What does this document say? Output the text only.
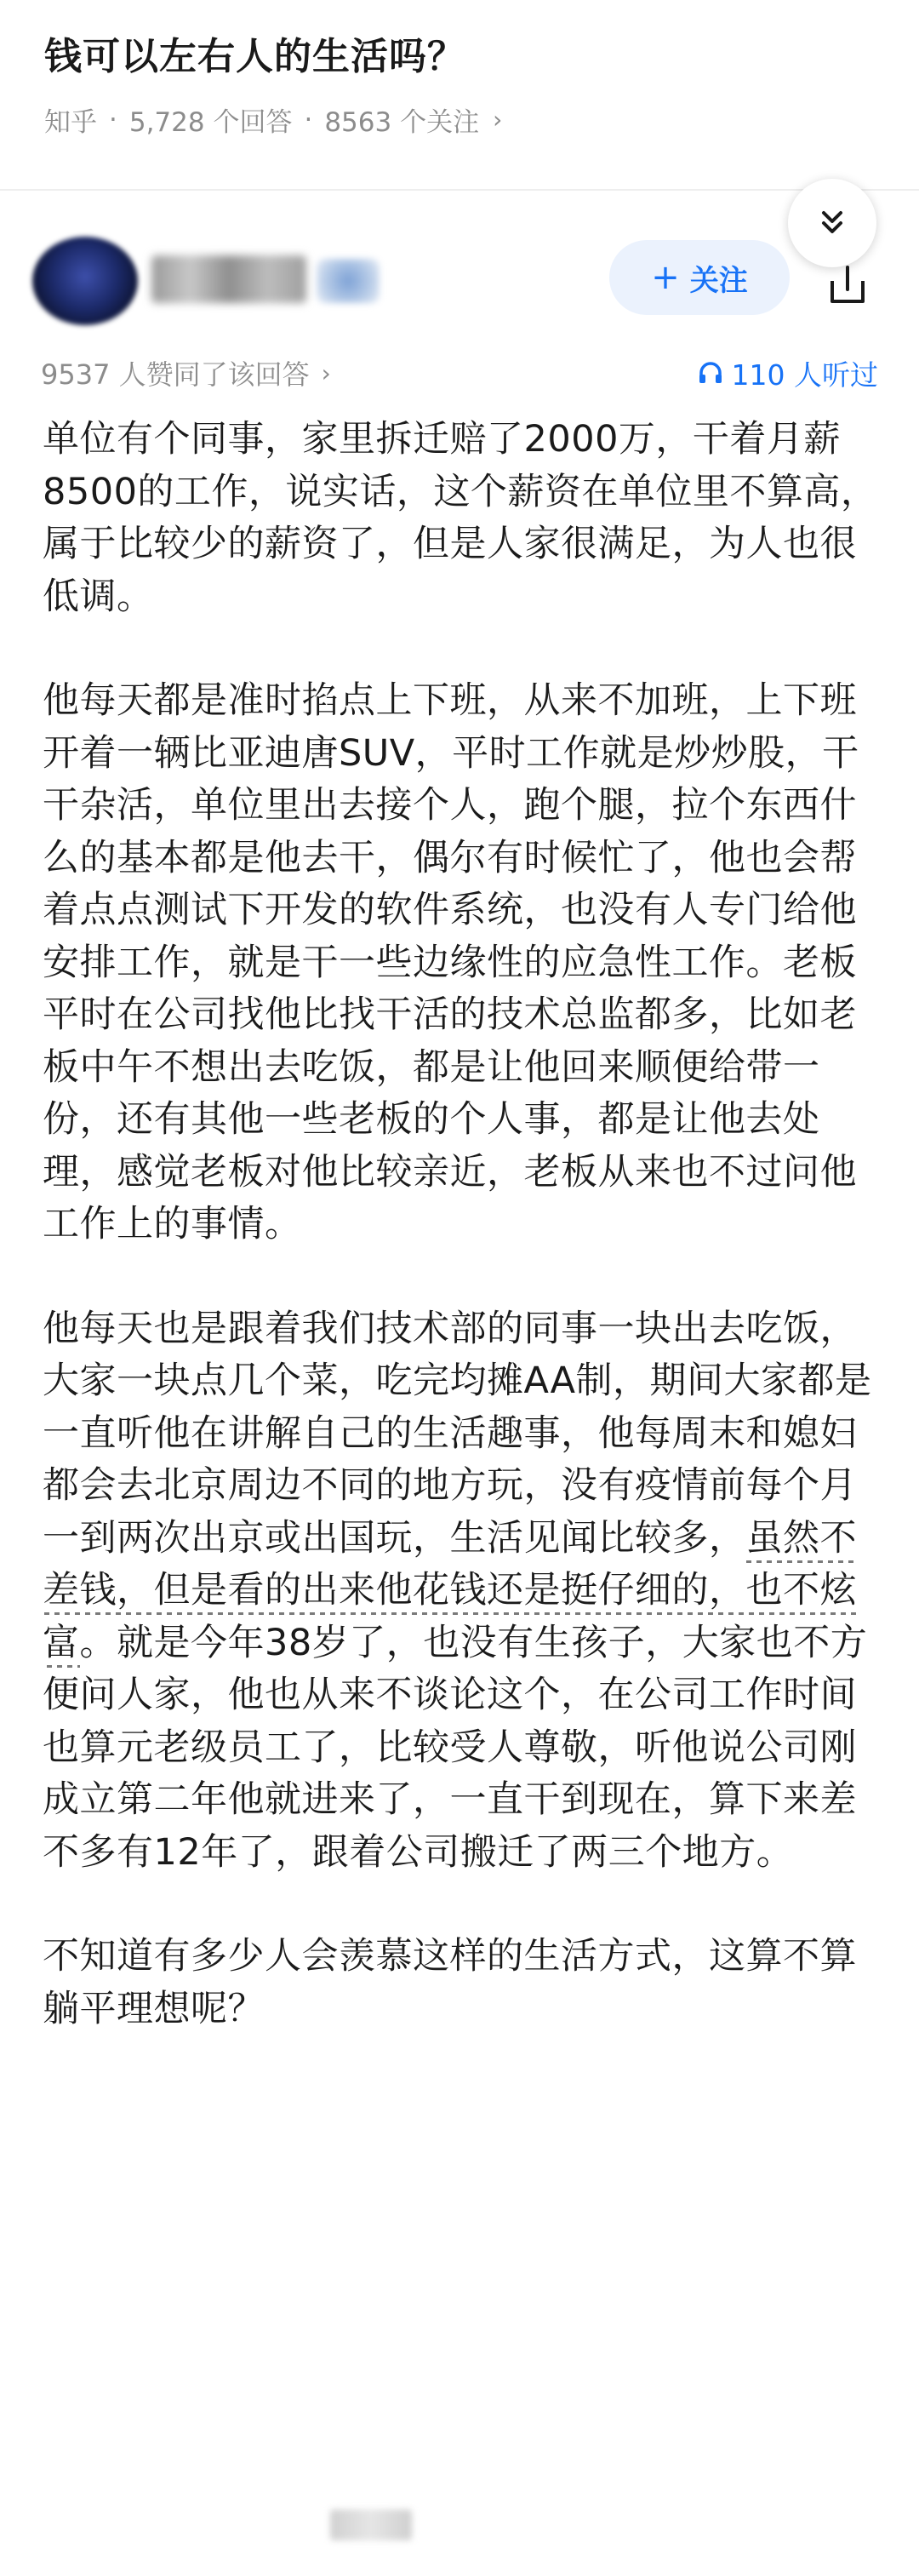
钱可以左右人的生活吗？
知乎 · 5,728 个回答 · 8563 个关注 ›
+ 关注
9537 人赞同了该回答 ›	110 人听过

单位有个同事，家里拆迁赔了2000万，干着月薪8500的工作，说实话，这个薪资在单位里不算高，属于比较少的薪资了，但是人家很满足，为人也很低调。

他每天都是准时掐点上下班，从来不加班，上下班开着一辆比亚迪唐SUV，平时工作就是炒炒股，干干杂活，单位里出去接个人，跑个腿，拉个东西什么的基本都是他去干，偶尔有时候忙了，他也会帮着点点测试下开发的软件系统，也没有人专门给他安排工作，就是干一些边缘性的应急性工作。老板平时在公司找他比找干活的技术总监都多，比如老板中午不想出去吃饭，都是让他回来顺便给带一份，还有其他一些老板的个人事，都是让他去处理，感觉老板对他比较亲近，老板从来也不过问他工作上的事情。

他每天也是跟着我们技术部的同事一块出去吃饭，大家一块点几个菜，吃完均摊AA制，期间大家都是一直听他在讲解自己的生活趣事，他每周末和媳妇都会去北京周边不同的地方玩，没有疫情前每个月一到两次出京或出国玩，生活见闻比较多，虽然不差钱，但是看的出来他花钱还是挺仔细的，也不炫富。就是今年38岁了，也没有生孩子，大家也不方便问人家，他也从来不谈论这个，在公司工作时间也算元老级员工了，比较受人尊敬，听他说公司刚成立第二年他就进来了，一直干到现在，算下来差不多有12年了，跟着公司搬迁了两三个地方。

不知道有多少人会羡慕这样的生活方式，这算不算躺平理想呢？
